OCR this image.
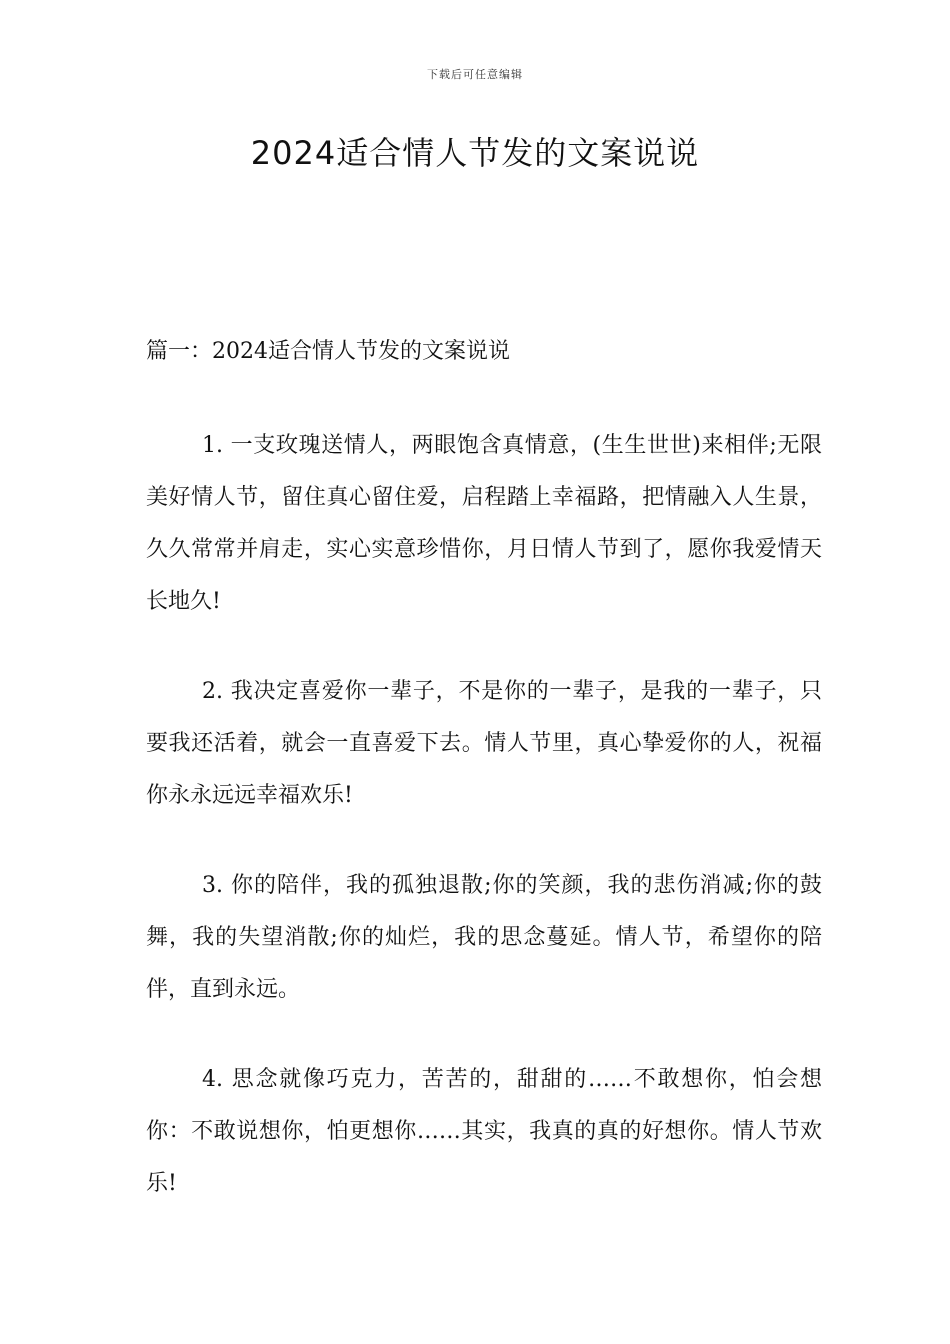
下载后可任意编辑
2024适合情人节发的文案说说
篇一：2024适合情人节发的文案说说

1. 一支玫瑰送情人，两眼饱含真情意，(生生世世)来相伴;无限美好情人节，留住真心留住爱，启程踏上幸福路，把情融入人生景，久久常常并肩走，实心实意珍惜你，月日情人节到了，愿你我爱情天长地久!

2. 我决定喜爱你一辈子，不是你的一辈子，是我的一辈子，只要我还活着，就会一直喜爱下去。情人节里，真心挚爱你的人，祝福你永永远远幸福欢乐!

3. 你的陪伴，我的孤独退散;你的笑颜，我的悲伤消减;你的鼓舞，我的失望消散;你的灿烂，我的思念蔓延。情人节，希望你的陪伴，直到永远。

4. 思念就像巧克力，苦苦的，甜甜的……不敢想你，怕会想你：不敢说想你，怕更想你……其实，我真的真的好想你。情人节欢乐!
